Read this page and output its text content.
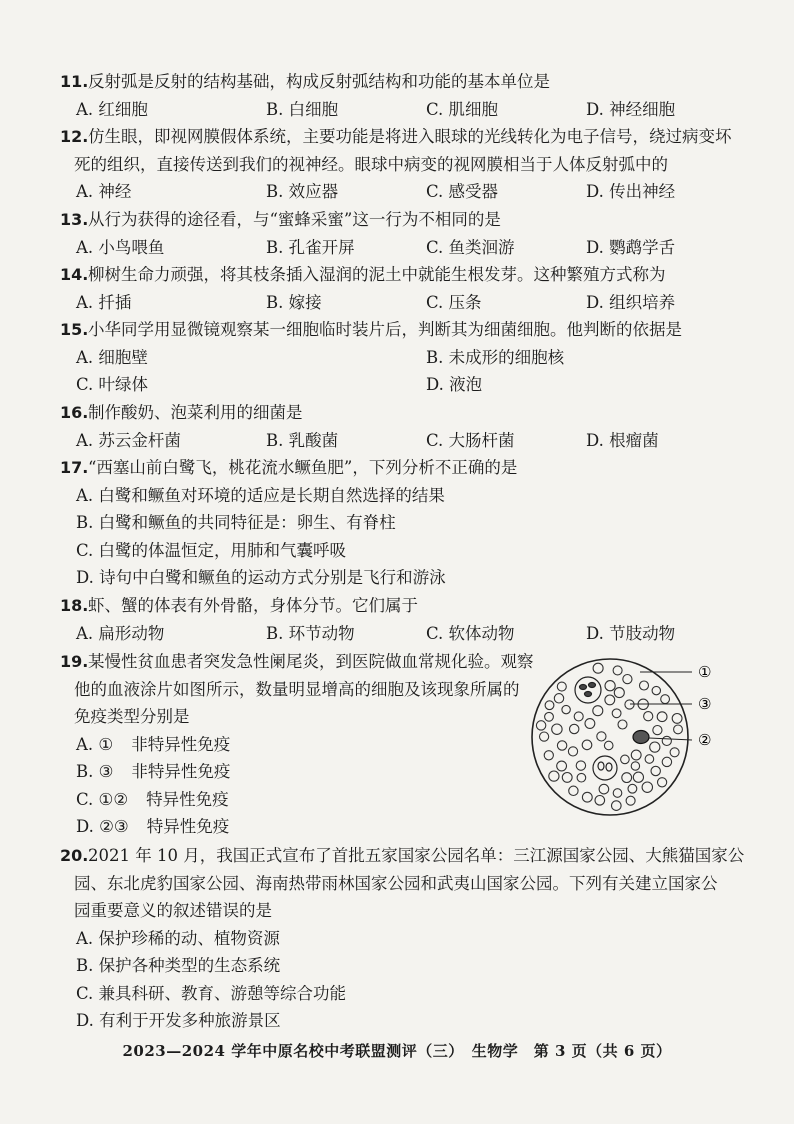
11.反射弧是反射的结构基础，构成反射弧结构和功能的基本单位是
A. 红细胞	B. 白细胞	C. 肌细胞	D. 神经细胞
12.仿生眼，即视网膜假体系统，主要功能是将进入眼球的光线转化为电子信号，绕过病变坏
死的组织，直接传送到我们的视神经。眼球中病变的视网膜相当于人体反射弧中的
A. 神经	B. 效应器	C. 感受器	D. 传出神经
13.从行为获得的途径看，与“蜜蜂采蜜”这一行为不相同的是
A. 小鸟喂鱼	B. 孔雀开屏	C. 鱼类洄游	D. 鹦鹉学舌
14.柳树生命力顽强，将其枝条插入湿润的泥土中就能生根发芽。这种繁殖方式称为
A. 扦插	B. 嫁接	C. 压条	D. 组织培养
15.小华同学用显微镜观察某一细胞临时装片后，判断其为细菌细胞。他判断的依据是
A. 细胞壁	B. 未成形的细胞核
C. 叶绿体	D. 液泡
16.制作酸奶、泡菜利用的细菌是
A. 苏云金杆菌	B. 乳酸菌	C. 大肠杆菌	D. 根瘤菌
17.“西塞山前白鹭飞，桃花流水鳜鱼肥”，下列分析不正确的是
A. 白鹭和鳜鱼对环境的适应是长期自然选择的结果
B. 白鹭和鳜鱼的共同特征是：卵生、有脊柱
C. 白鹭的体温恒定，用肺和气囊呼吸
D. 诗句中白鹭和鳜鱼的运动方式分别是飞行和游泳
18.虾、蟹的体表有外骨骼，身体分节。它们属于
A. 扁形动物	B. 环节动物	C. 软体动物	D. 节肢动物
19.某慢性贫血患者突发急性阑尾炎，到医院做血常规化验。观察
他的血液涂片如图所示，数量明显增高的细胞及该现象所属的
免疫类型分别是
A. ① 非特异性免疫
B. ③ 非特异性免疫
C. ①② 特异性免疫
D. ②③ 特异性免疫
①
③
②
20.2021 年 10 月，我国正式宣布了首批五家国家公园名单：三江源国家公园、大熊猫国家公
园、东北虎豹国家公园、海南热带雨林国家公园和武夷山国家公园。下列有关建立国家公
园重要意义的叙述错误的是
A. 保护珍稀的动、植物资源
B. 保护各种类型的生态系统
C. 兼具科研、教育、游憩等综合功能
D. 有利于开发多种旅游景区
2023—2024 学年中原名校中考联盟测评（三）　生物学　第 3 页（共 6 页）
